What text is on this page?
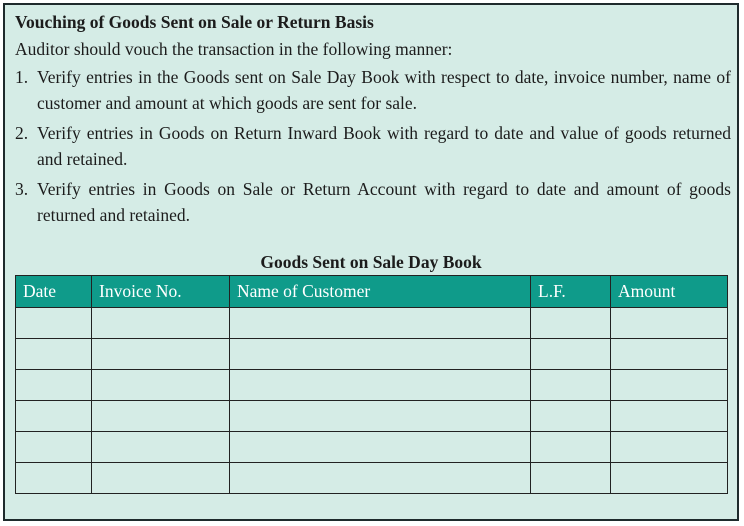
Vouching of Goods Sent on Sale or Return Basis
Auditor should vouch the transaction in the following manner:
1. Verify entries in the Goods sent on Sale Day Book with respect to date, invoice number, name of customer and amount at which goods are sent for sale.
2. Verify entries in Goods on Return Inward Book with regard to date and value of goods returned and retained.
3. Verify entries in Goods on Sale or Return Account with regard to date and amount of goods returned and retained.
Goods Sent on Sale Day Book
Date	Invoice No.	Name of Customer	L.F.	Amount
